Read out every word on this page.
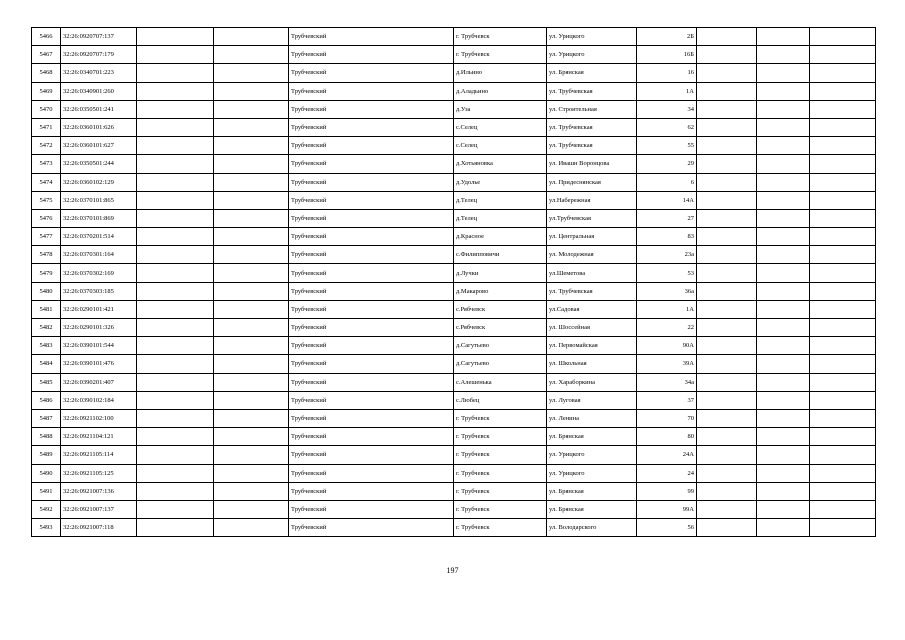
5466	32:26:0920707:137			Трубчевский	г. Трубчевск	ул. Урицкого	2Б			
5467	32:26:0920707:179			Трубчевский	г. Трубчевск	ул. Урицкого	16Б			
5468	32:26:0340701:223			Трубчевский	д.Ильино	ул. Брянская	16			
5469	32:26:0340901:260			Трубчевский	д.Аладьино	ул. Трубчевская	1А			
5470	32:26:0350501:241			Трубчевский	д.Уза	ул. Строительная	34			
5471	32:26:0360101:626			Трубчевский	с.Селец	ул. Трубчевская	62			
5472	32:26:0360101:627			Трубчевский	с.Селец	ул. Трубчевская	55			
5473	32:26:0350501:244			Трубчевский	д.Хотьяновка	ул. Ивашн Воронцова	29			
5474	32:26:0360102:129			Трубчевский	д.Удолье	ул. Придеснянская	6			
5475	32:26:0370101:865			Трубчевский	д.Телец	ул.Набережная	14А			
5476	32:26:0370101:869			Трубчевский	д.Телец	ул.Трубчевская	27			
5477	32:26:0370201:514			Трубчевский	д.Красное	ул. Центральная	83			
5478	32:26:0370301:164			Трубчевский	с.Филипповичи	ул. Молодежная	23а			
5479	32:26:0370302:169			Трубчевский	д.Лучки	ул.Шеметова	53			
5480	32:26:0370303:185			Трубчевский	д.Макарово	ул. Трубчевская	36а			
5481	32:26:0290101:421			Трубчевский	с.Рябчевск	ул.Садовая	1А			
5482	32:26:0290101:326			Трубчевский	с.Рябчевск	ул. Шоссейная	22			
5483	32:26:0390101:544			Трубчевский	д.Сагутьево	ул. Первомайская	90А			
5484	32:26:0390101:476			Трубчевский	д.Сагутьево	ул. Школьная	39А			
5485	32:26:0390201:407			Трубчевский	с.Алешенька	ул. Хараборкина	34а			
5486	32:26:0390102:184			Трубчевский	с.Любец	ул. Луговая	37			
5487	32:26:0921102:100			Трубчевский	г. Трубчевск	ул. Ленина	70			
5488	32:26:0921104:121			Трубчевский	г. Трубчевск	ул. Брянская	80			
5489	32:26:0921105:114			Трубчевский	г. Трубчевск	ул. Урицкого	24А			
5490	32:26:0921105:125			Трубчевский	г. Трубчевск	ул. Урицкого	24			
5491	32:26:0921007:136			Трубчевский	г. Трубчевск	ул. Брянская	99			
5492	32:26:0921007:137			Трубчевский	г. Трубчевск	ул. Брянская	99А			
5493	32:26:0921007:118			Трубчевский	г. Трубчевск	ул. Володарского	56			
197
